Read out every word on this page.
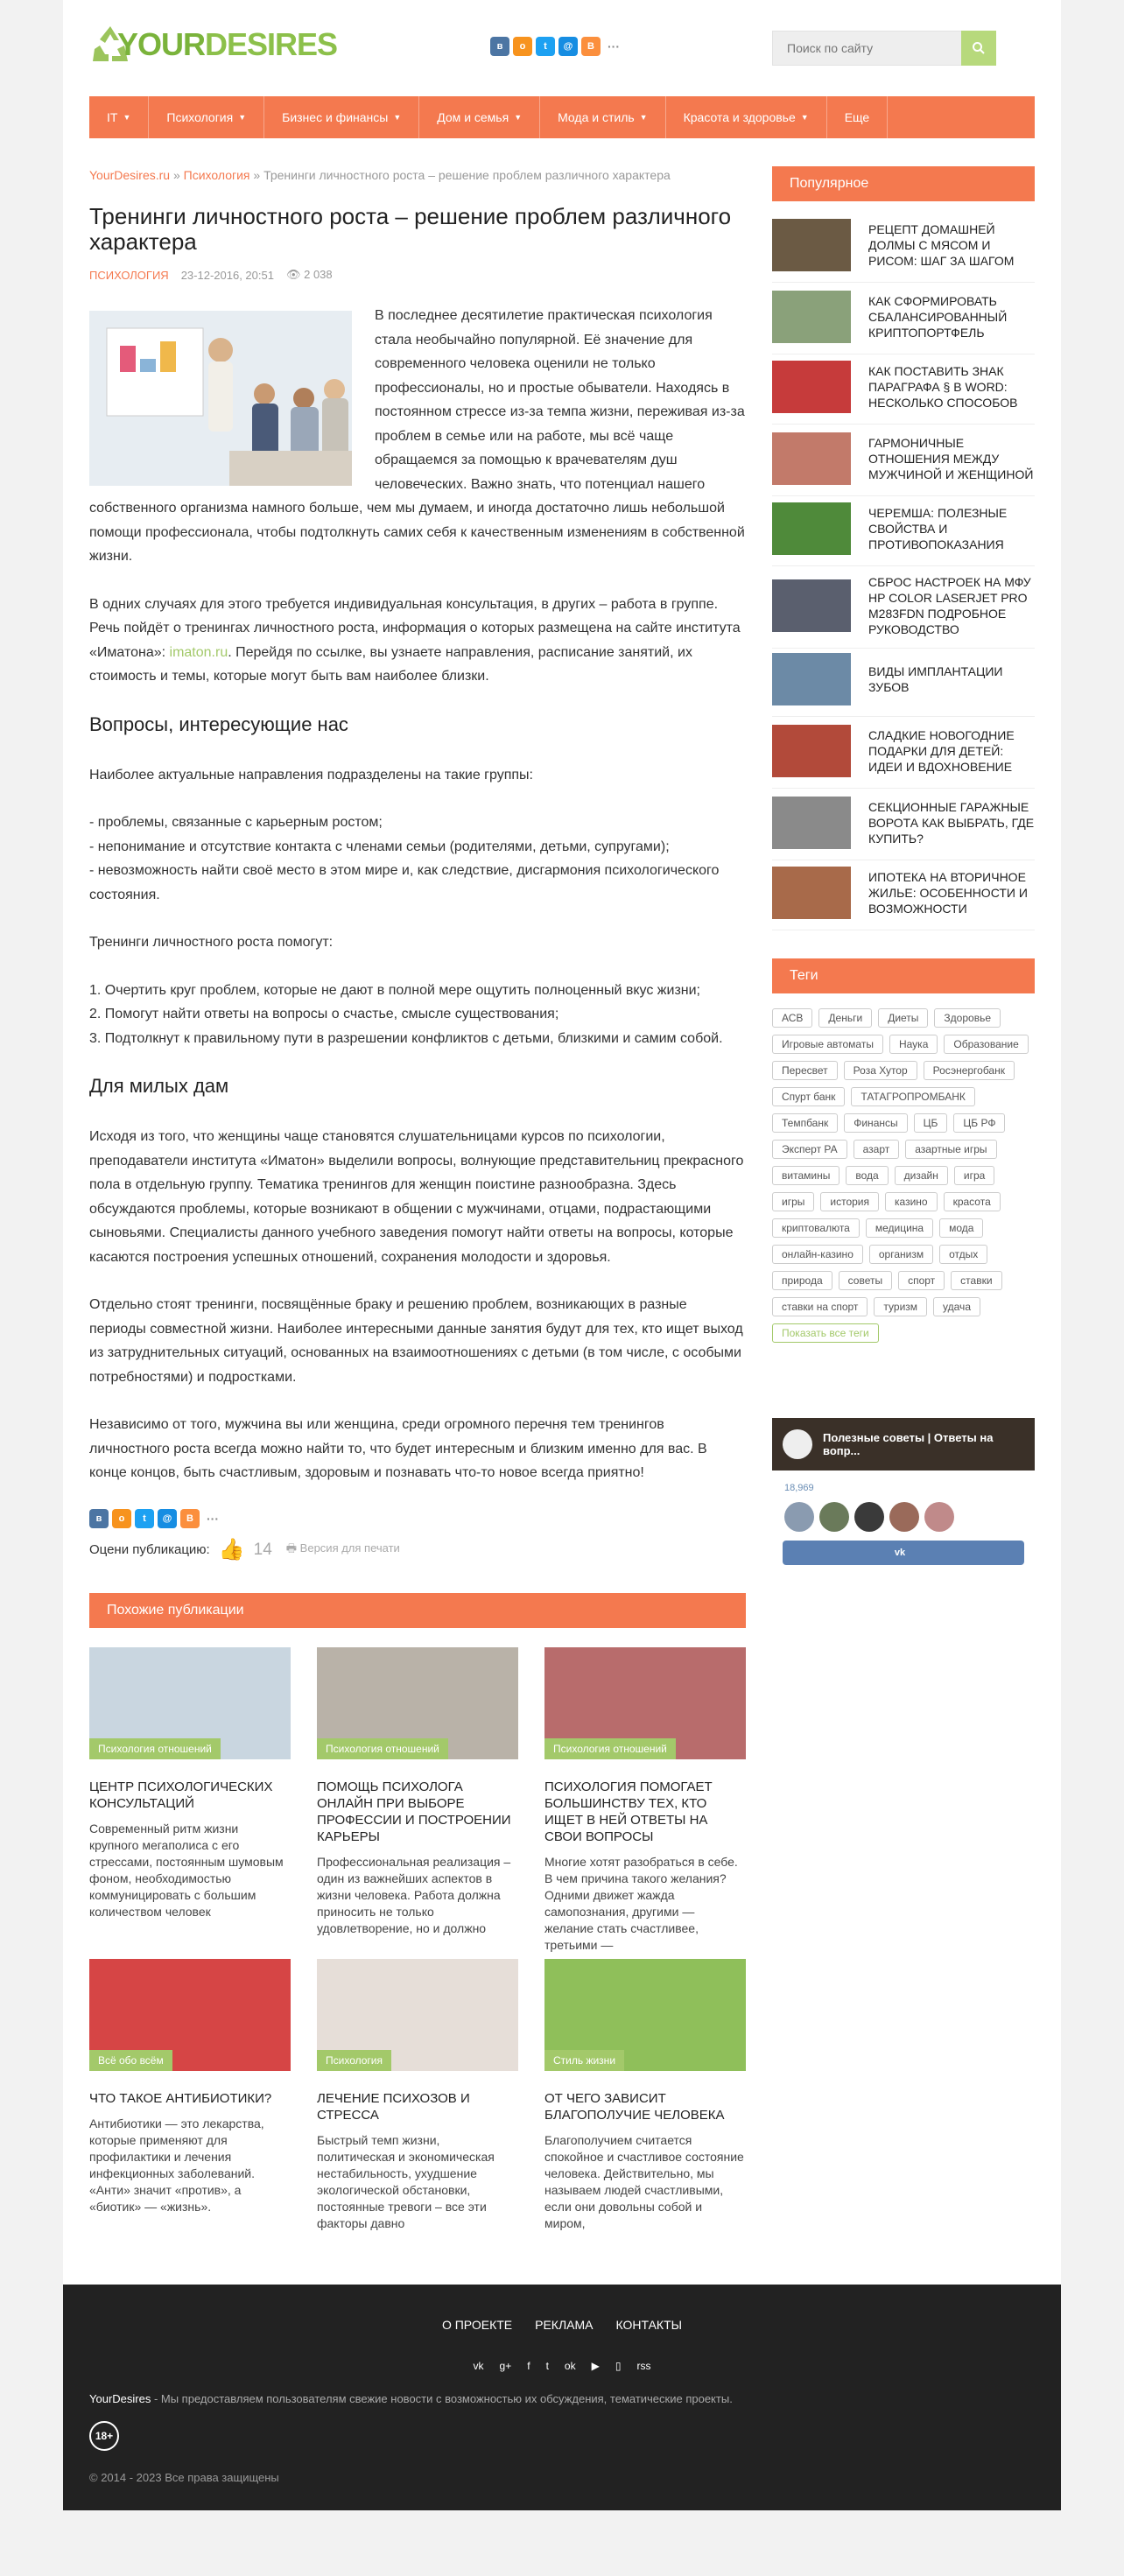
YOURDESIRES	в	о	t	@	B	···
Поиск по сайту
IT ▼	Психология ▼	Бизнес и финансы ▼	Дом и семья ▼	Мода и стиль ▼	Красота и здоровье ▼	Еще
YourDesires.ru » Психология » Тренинги личностного роста – решение проблем различного характера
Тренинги личностного роста – решение проблем различного характера
ПСИХОЛОГИЯ 23-12-2016, 20:51 👁 2 038

В последнее десятилетие практическая психология стала необычайно популярной. Её значение для современного человека оценили не только профессионалы, но и простые обыватели. Находясь в постоянном стрессе из-за темпа жизни, переживая из-за проблем в семье или на работе, мы всё чаще обращаемся за помощью к врачевателям душ человеческих. Важно знать, что потенциал нашего собственного организма намного больше, чем мы думаем, и иногда достаточно лишь небольшой помощи профессионала, чтобы подтолкнуть самих себя к качественным изменениям в собственной жизни.

В одних случаях для этого требуется индивидуальная консультация, в других – работа в группе. Речь пойдёт о тренингах личностного роста, информация о которых размещена на сайте института «Иматона»: imaton.ru. Перейдя по ссылке, вы узнаете направления, расписание занятий, их стоимость и темы, которые могут быть вам наиболее близки.

Вопросы, интересующие нас

Наиболее актуальные направления подразделены на такие группы:

- проблемы, связанные с карьерным ростом;
- непонимание и отсутствие контакта с членами семьи (родителями, детьми, супругами);
- невозможность найти своё место в этом мире и, как следствие, дисгармония психологического состояния.

Тренинги личностного роста помогут:

1. Очертить круг проблем, которые не дают в полной мере ощутить полноценный вкус жизни;
2. Помогут найти ответы на вопросы о счастье, смысле существования;
3. Подтолкнут к правильному пути в разрешении конфликтов с детьми, близкими и самим собой.

Для милых дам

Исходя из того, что женщины чаще становятся слушательницами курсов по психологии, преподаватели института «Иматон» выделили вопросы, волнующие представительниц прекрасного пола в отдельную группу. Тематика тренингов для женщин поистине разнообразна. Здесь обсуждаются проблемы, которые возникают в общении с мужчинами, отцами, подрастающими сыновьями. Специалисты данного учебного заведения помогут найти ответы на вопросы, которые касаются построения успешных отношений, сохранения молодости и здоровья.

Отдельно стоят тренинги, посвящённые браку и решению проблем, возникающих в разные периоды совместной жизни. Наиболее интересными данные занятия будут для тех, кто ищет выход из затруднительных ситуаций, основанных на взаимоотношениях с детьми (в том числе, с особыми потребностями) и подростками.

Независимо от того, мужчина вы или женщина, среди огромного перечня тем тренингов личностного роста всегда можно найти то, что будет интересным и близким именно для вас. В конце концов, быть счастливым, здоровым и познавать что-то новое всегда приятно!

в	о	t	@	B	···
Оцени публикацию: 👍 14 🖶 Версия для печати
Похожие публикации
Психология отношений
ЦЕНТР ПСИХОЛОГИЧЕСКИХ КОНСУЛЬТАЦИЙ
Современный ритм жизни крупного мегаполиса с его стрессами, постоянным шумовым фоном, необходимостью коммуницировать с большим количеством человек
Психология отношений
ПОМОЩЬ ПСИХОЛОГА ОНЛАЙН ПРИ ВЫБОРЕ ПРОФЕССИИ И ПОСТРОЕНИИ КАРЬЕРЫ
Профессиональная реализация – один из важнейших аспектов в жизни человека. Работа должна приносить не только удовлетворение, но и должно
Психология отношений
ПСИХОЛОГИЯ ПОМОГАЕТ БОЛЬШИНСТВУ ТЕХ, КТО ИЩЕТ В НЕЙ ОТВЕТЫ НА СВОИ ВОПРОСЫ
Многие хотят разобраться в себе. В чем причина такого желания? Одними движет жажда самопознания, другими — желание стать счастливее, третьими —
Всё обо всём
ЧТО ТАКОЕ АНТИБИОТИКИ?
Антибиотики — это лекарства, которые применяют для профилактики и лечения инфекционных заболеваний. «Анти» значит «против», а «биотик» — «жизнь».
Психология
ЛЕЧЕНИЕ ПСИХОЗОВ И СТРЕССА
Быстрый темп жизни, политическая и экономическая нестабильность, ухудшение экологической обстановки, постоянные тревоги – все эти факторы давно
Стиль жизни
ОТ ЧЕГО ЗАВИСИТ БЛАГОПОЛУЧИЕ ЧЕЛОВЕКА
Благополучием считается спокойное и счастливое состояние человека. Действительно, мы называем людей счастливыми, если они довольны собой и миром,
Популярное
РЕЦЕПТ ДОМАШНЕЙ ДОЛМЫ С МЯСОМ И РИСОМ: ШАГ ЗА ШАГОМ
КАК СФОРМИРОВАТЬ СБАЛАНСИРОВАННЫЙ КРИПТОПОРТФЕЛЬ
КАК ПОСТАВИТЬ ЗНАК ПАРАГРАФА § В WORD: НЕСКОЛЬКО СПОСОБОВ
ГАРМОНИЧНЫЕ ОТНОШЕНИЯ МЕЖДУ МУЖЧИНОЙ И ЖЕНЩИНОЙ
ЧЕРЕМША: ПОЛЕЗНЫЕ СВОЙСТВА И ПРОТИВОПОКАЗАНИЯ
СБРОС НАСТРОЕК НА МФУ HP COLOR LASERJET PRO M283FDN ПОДРОБНОЕ РУКОВОДСТВО
ВИДЫ ИМПЛАНТАЦИИ ЗУБОВ
СЛАДКИЕ НОВОГОДНИЕ ПОДАРКИ ДЛЯ ДЕТЕЙ: ИДЕИ И ВДОХНОВЕНИЕ
СЕКЦИОННЫЕ ГАРАЖНЫЕ ВОРОТА КАК ВЫБРАТЬ, ГДЕ КУПИТЬ?
ИПОТЕКА НА ВТОРИЧНОЕ ЖИЛЬЕ: ОСОБЕННОСТИ И ВОЗМОЖНОСТИ
Теги
АСВ	Деньги	Диеты	Здоровье
Игровые автоматы	Наука	Образование
Пересвет	Роза Хутор	Росэнергобанк
Спурт банк	ТАТАГРОПРОМБАНК
Темпбанк	Финансы	ЦБ	ЦБ РФ
Эксперт РА	азарт	азартные игры
витамины	вода	дизайн	игра
игры	история	казино	красота
криптовалюта	медицина	мода
онлайн-казино	организм	отдых
природа	советы	спорт	ставки
ставки на спорт	туризм	удача
Показать все теги
Полезные советы | Ответы на вопр...
18,969
vk
О ПРОЕКТЕ РЕКЛАМА КОНТАКТЫ
vk g+ f t ok ▶ ▯ rss
YourDesires - Мы предоставляем пользователям свежие новости с возможностью их обсуждения, тематические проекты.
18+
© 2014 - 2023 Все права защищены
